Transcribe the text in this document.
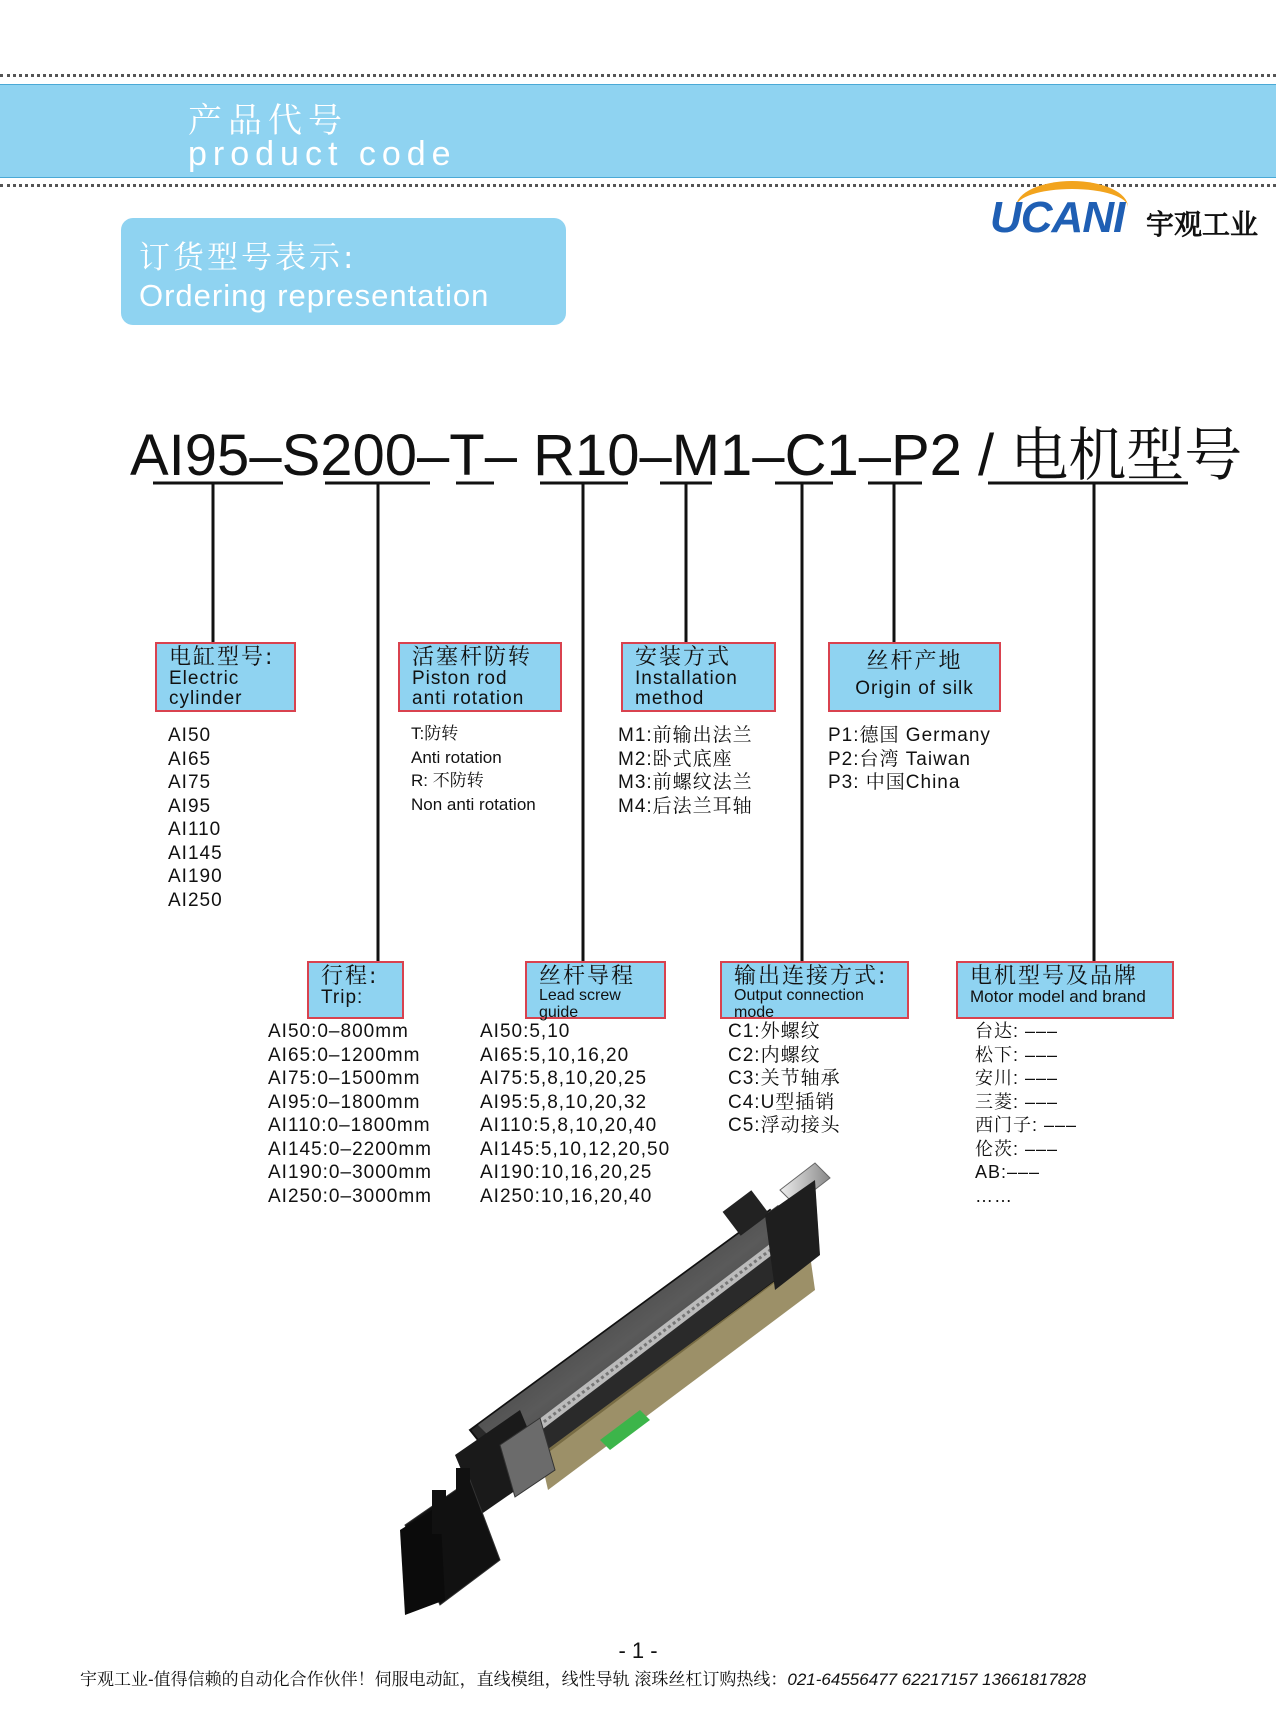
产品代号
product code
UCANI 宇观工业
订货型号表示:
Ordering representation
AI95–S200–T– R10–M1–C1–P2 / 电机型号
电缸型号:
Electric
cylinder
活塞杆防转
Piston rod
anti rotation
安装方式
Installation
method
丝杆产地
Origin of silk
AI50
AI65
AI75
AI95
AI110
AI145
AI190
AI250
T:防转
Anti rotation
R: 不防转
Non anti rotation
M1:前输出法兰
M2:卧式底座
M3:前螺纹法兰
M4:后法兰耳轴
P1:德国 Germany
P2:台湾 Taiwan
P3: 中国China
行程:
Trip:
丝杆导程
Lead screw guide
输出连接方式:
Output connection mode
电机型号及品牌
Motor model and brand
AI50:0–800mm
AI65:0–1200mm
AI75:0–1500mm
AI95:0–1800mm
AI110:0–1800mm
AI145:0–2200mm
AI190:0–3000mm
AI250:0–3000mm
AI50:5,10
AI65:5,10,16,20
AI75:5,8,10,20,25
AI95:5,8,10,20,32
AI110:5,8,10,20,40
AI145:5,10,12,20,50
AI190:10,16,20,25
AI250:10,16,20,40
C1:外螺纹
C2:内螺纹
C3:关节轴承
C4:U型插销
C5:浮动接头
台达: –––
松下: –––
安川: –––
三菱: –––
西门子: –––
伦茨: –––
AB:–––
……
- 1 -
宇观工业-值得信赖的自动化合作伙伴！伺服电动缸，直线模组，线性导轨 滚珠丝杠订购热线：021-64556477 62217157 13661817828
